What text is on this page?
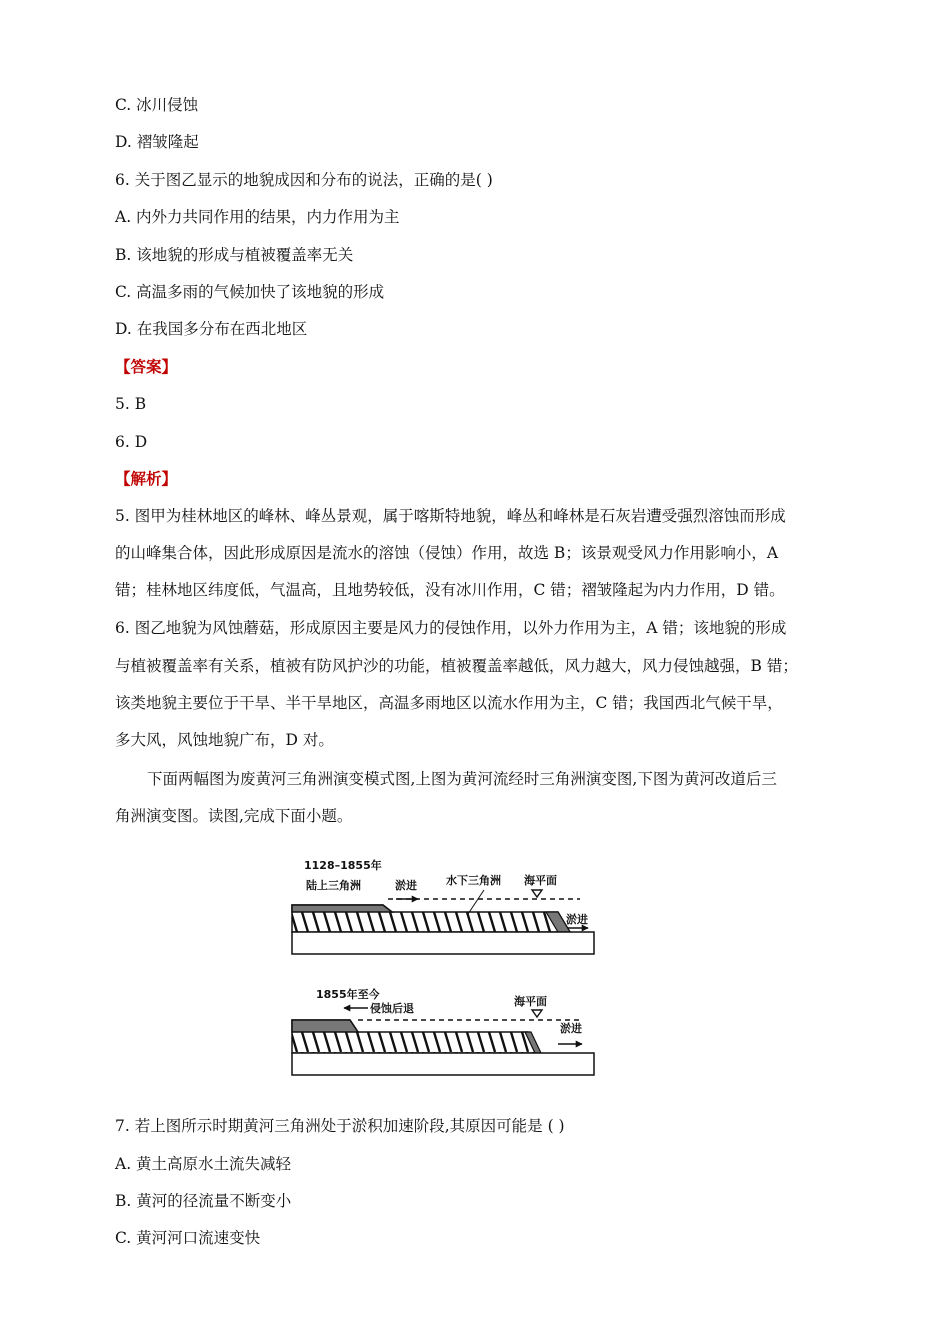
C. 冰川侵蚀
D. 褶皱隆起
6. 关于图乙显示的地貌成因和分布的说法，正确的是( )
A. 内外力共同作用的结果，内力作用为主
B. 该地貌的形成与植被覆盖率无关
C. 高温多雨的气候加快了该地貌的形成
D. 在我国多分布在西北地区
【答案】
5. B
6. D
【解析】
5. 图甲为桂林地区的峰林、峰丛景观，属于喀斯特地貌，峰丛和峰林是石灰岩遭受强烈溶蚀而形成
的山峰集合体，因此形成原因是流水的溶蚀（侵蚀）作用，故选 B；该景观受风力作用影响小，A
错；桂林地区纬度低，气温高，且地势较低，没有冰川作用，C 错；褶皱隆起为内力作用，D 错。
6. 图乙地貌为风蚀蘑菇，形成原因主要是风力的侵蚀作用，以外力作用为主，A 错；该地貌的形成
与植被覆盖率有关系，植被有防风护沙的功能，植被覆盖率越低，风力越大，风力侵蚀越强，B 错；
该类地貌主要位于干旱、半干旱地区，高温多雨地区以流水作用为主，C 错；我国西北气候干旱，
多大风，风蚀地貌广布，D 对。
下面两幅图为废黄河三角洲演变模式图,上图为黄河流经时三角洲演变图,下图为黄河改道后三
角洲演变图。读图,完成下面小题。
1128–1855年
陆上三角洲	淤进	水下三角洲 海平面
淤进
1855年至今
侵蚀后退
海平面
淤进
7. 若上图所示时期黄河三角洲处于淤积加速阶段,其原因可能是 ( )
A. 黄土高原水土流失减轻
B. 黄河的径流量不断变小
C. 黄河河口流速变快
